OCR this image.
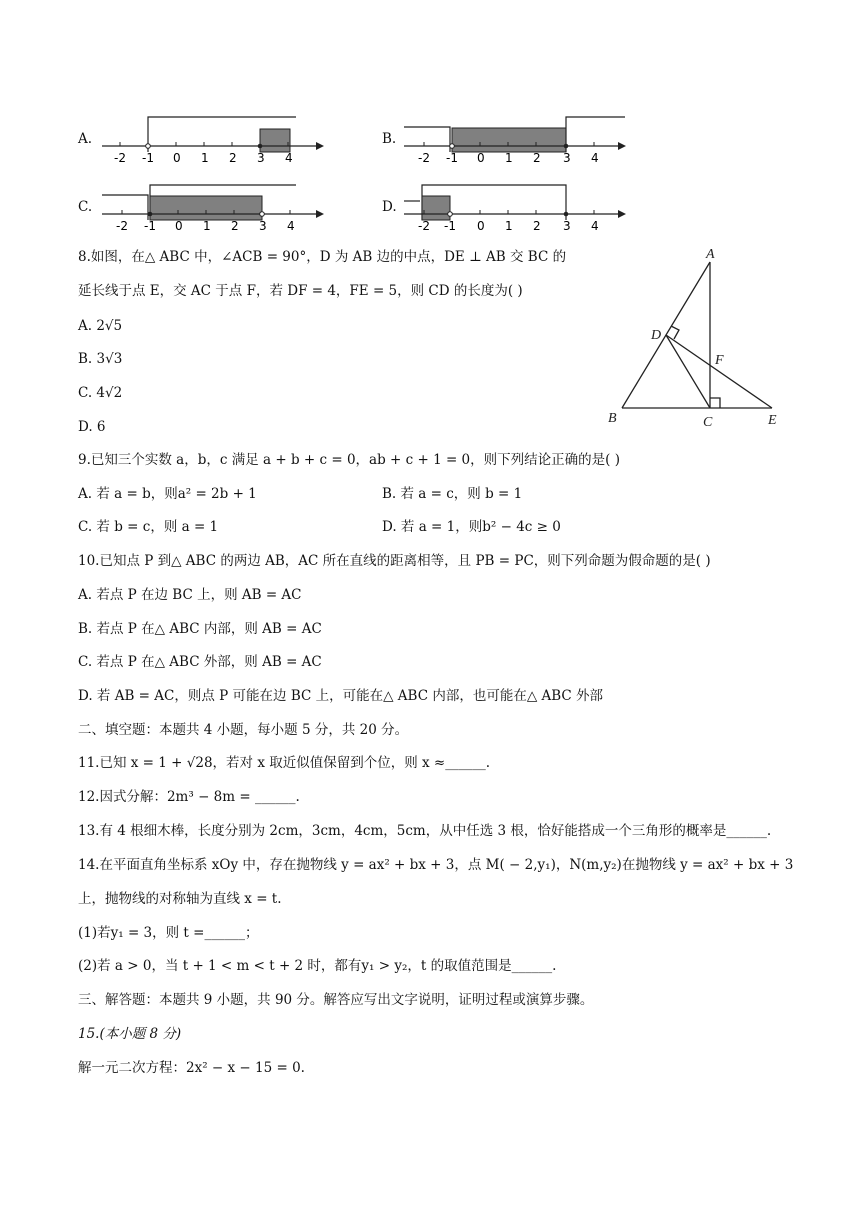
A.
-2 -1 0 1 2 3 4
B.
-2 -1 0 1 2 3 4
C.
-2 -1 0 1 2 3 4
D.
-2 -1 0 1 2 3 4
8.如图，在△ ABC 中，∠ACB = 90°，D 为 AB 边的中点，DE ⊥ AB 交 BC 的
延长线于点 E，交 AC 于点 F，若 DF = 4，FE = 5，则 CD 的长度为( )
A. 2√5
B. 3√3
C. 4√2
D. 6
A
B	C
D
E
F
9.已知三个实数 a，b，c 满足 a + b + c = 0，ab + c + 1 = 0，则下列结论正确的是( )
A. 若 a = b，则a² = 2b + 1	B. 若 a = c，则 b = 1
C. 若 b = c，则 a = 1	D. 若 a = 1，则b² − 4c ≥ 0
10.已知点 P 到△ ABC 的两边 AB，AC 所在直线的距离相等，且 PB = PC，则下列命题为假命题的是( )
A. 若点 P 在边 BC 上，则 AB = AC
B. 若点 P 在△ ABC 内部，则 AB = AC
C. 若点 P 在△ ABC 外部，则 AB = AC
D. 若 AB = AC，则点 P 可能在边 BC 上，可能在△ ABC 内部，也可能在△ ABC 外部
二、填空题：本题共 4 小题，每小题 5 分，共 20 分。
11.已知 x = 1 + √28，若对 x 取近似值保留到个位，则 x ≈______.
12.因式分解：2m³ − 8m = ______.
13.有 4 根细木棒，长度分别为 2cm，3cm，4cm，5cm，从中任选 3 根，恰好能搭成一个三角形的概率是______.
14.在平面直角坐标系 xOy 中，存在抛物线 y = ax² + bx + 3，点 M( − 2,y₁)，N(m,y₂)在抛物线 y = ax² + bx + 3
上，抛物线的对称轴为直线 x = t.
(1)若y₁ = 3，则 t =______；
(2)若 a > 0，当 t + 1 < m < t + 2 时，都有y₁ > y₂，t 的取值范围是______.
三、解答题：本题共 9 小题，共 90 分。解答应写出文字说明，证明过程或演算步骤。
15.(本小题 8 分)
解一元二次方程：2x² − x − 15 = 0.
